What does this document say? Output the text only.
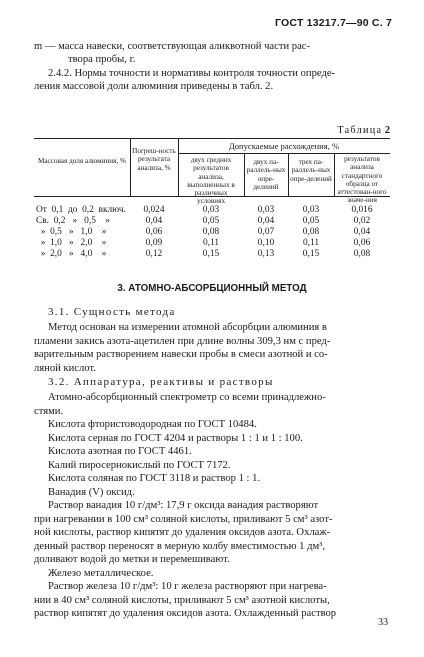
ГОСТ 13217.7—90 С. 7
m — масса навески, соответствующая аликвотной части рас-
твора пробы, г.
2.4.2. Нормы точности и нормативы контроля точности опреде-
ления массовой доли алюминия приведены в табл. 2.
Таблица 2
Допускаемые расхождения, %
Массовая доля алюминия, %
Погреш-ность результата анализа, %
двух средних результатов анализа, выполненных в различных условиях
двух па-раллель-ных опре-делений
трех па-раллель-ных опре-делений
результатов анализа стандартного образца от аттестован-ного значе-ния
От  0,1  до  0,2  включ.	0,024	0,03	0,03	0,03	0,016
Св.  0,2   »   0,5    »	0,04	0,05	0,04	0,05	0,02
»  0,5   »   1,0    »	0,06	0,08	0,07	0,08	0,04
»  1,0   »   2,0    »	0,09	0,11	0,10	0,11	0,06
»  2,0   »   4,0    »	0,12	0,15	0,13	0,15	0,08
3. АТОМНО-АБСОРБЦИОННЫЙ МЕТОД
3.1. Сущность метода
Метод основан на измерении атомной абсорбции алюминия в
пламени закись азота-ацетилен при длине волны 309,3 нм с пред-
варительным растворением навески пробы в смеси азотной и со-
ляной кислот.
3.2. Аппаратура, реактивы и растворы
Атомно-абсорбционный спектрометр со всеми принадлежно-
стями.
Кислота фтористоводородная по ГОСТ 10484.
Кислота серная по ГОСТ 4204 и растворы 1 : 1 и 1 : 100.
Кислота азотная по ГОСТ 4461.
Калий пиросернокислый по ГОСТ 7172.
Кислота соляная по ГОСТ 3118 и раствор 1 : 1.
Ванадия (V) оксид.
Раствор ванадия 10 г/дм³: 17,9 г оксида ванадия растворяют
при нагревании в 100 см³ соляной кислоты, приливают 5 см³ азот-
ной кислоты, раствор кипятят до удаления оксидов азота. Охлаж-
денный раствор переносят в мерную колбу вместимостью 1 дм³,
доливают водой до метки и перемешивают.
Железо металлическое.
Раствор железа 10 г/дм³: 10 г железа растворяют при нагрева-
нии в 40 см³ соляной кислоты, приливают 5 см³ азотной кислоты,
раствор кипятят до удаления оксидов азота. Охлажденный раствор
33
